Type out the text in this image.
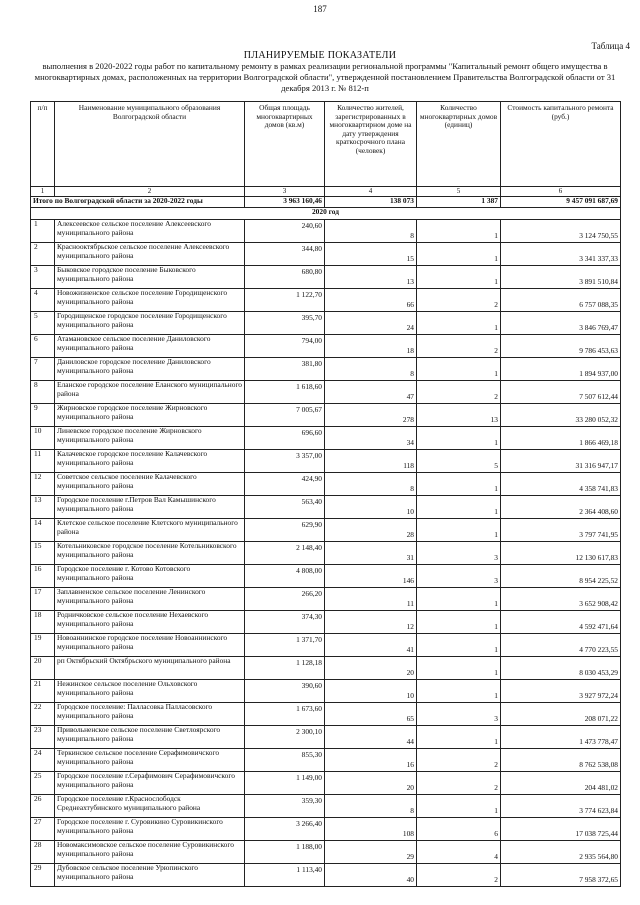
187
Таблица 4
ПЛАНИРУЕМЫЕ ПОКАЗАТЕЛИ
выполнения в 2020-2022 годы работ по капитальному ремонту в рамках реализации региональной программы "Капитальный ремонт общего имущества в многоквартирных домах, расположенных на территории Волгоградской области", утвержденной постановлением Правительства Волгоградской области от 31 декабря 2013 г. № 812-п
п/п	Наименование муниципального образования Волгоградской области	Общая площадь многоквартирных домов (кв.м)	Количество жителей, зарегистрированных в многоквартирном доме на дату утверждения краткосрочного плана (человек)	Количество многоквартирных домов (единиц)	Стоимость капитального ремонта (руб.)
1	2	3	4	5	6
Итого по Волгоградской области за 2020-2022 годы		3 963 160,46	138 073	1 387	9 457 091 687,69
2020 год					
1	Алексеевское сельское поселение Алексеевского муниципального района	240,60	8	1	3 124 750,55
2	Краснооктябрьское сельское поселение Алексеевского муниципального района	344,80	15	1	3 341 337,33
3	Быковское городское поселение Быковского муниципального района	680,80	13	1	3 891 510,84
4	Новожизненское сельское поселение Городищенского муниципального района	1 122,70	66	2	6 757 088,35
5	Городищенское городское поселение Городищенского муниципального района	395,70	24	1	3 846 769,47
6	Атамановское сельское поселение Даниловского муниципального района	794,00	18	2	9 786 453,63
7	Даниловское городское поселение Даниловского муниципального района	381,80	8	1	1 894 937,00
8	Еланское городское поселение Еланского муниципального района	1 618,60	47	2	7 507 612,44
9	Жирновское городское поселение Жирновского муниципального района	7 005,67	278	13	33 280 052,32
10	Линевское городское поселение Жирновского муниципального района	696,60	34	1	1 866 469,18
11	Калачевское городское поселение Калачевского муниципального района	3 357,00	118	5	31 316 947,17
12	Советское сельское поселение Калачевского муниципального района	424,90	8	1	4 358 741,83
13	Городское поселение г.Петров Вал Камышинского муниципального района	563,40	10	1	2 364 408,60
14	Клетское сельское поселение Клетского муниципального района	629,90	28	1	3 797 741,95
15	Котельниковское городское поселение Котельниковского муниципального района	2 148,40	31	3	12 130 617,83
16	Городское поселение г. Котово Котовского муниципального района	4 808,00	146	3	8 954 225,52
17	Заплавненское сельское поселение Ленинского муниципального района	266,20	11	1	3 652 908,42
18	Родничковское сельское поселение Нехаевского муниципального района	374,30	12	1	4 592 471,64
19	Новоаннинское городское поселение Новоаннинского муниципального района	1 371,70	41	1	4 770 223,55
20	рп Октябрьский Октябрьского муниципального района	1 128,18	20	1	8 030 453,29
21	Нежинское сельское поселение Ольховского муниципального района	390,60	10	1	3 927 972,24
22	Городское поселение: Палласовка Палласовского муниципального района	1 673,60	65	3	208 071,22
23	Привольненское сельское поселение Светлоярского муниципального района	2 300,10	44	1	1 473 778,47
24	Теркинское сельское поселение Серафимовичского муниципального района	855,30	16	2	8 762 538,08
25	Городское поселение г.Серафимович Серафимовичского муниципального района	1 149,00	20	2	204 481,02
26	Городское поселение г.Краснослободск Среднеахтубинского муниципального района	359,30	8	1	3 774 623,84
27	Городское поселение г. Суровикино Суровикинского муниципального района	3 266,40	108	6	17 038 725,44
28	Новомаксимовское сельское поселение Суровикинского муниципального района	1 188,00	29	4	2 935 564,80
29	Дубовское сельское поселение Урюпинского муниципального района	1 113,40	40	2	7 958 372,65
